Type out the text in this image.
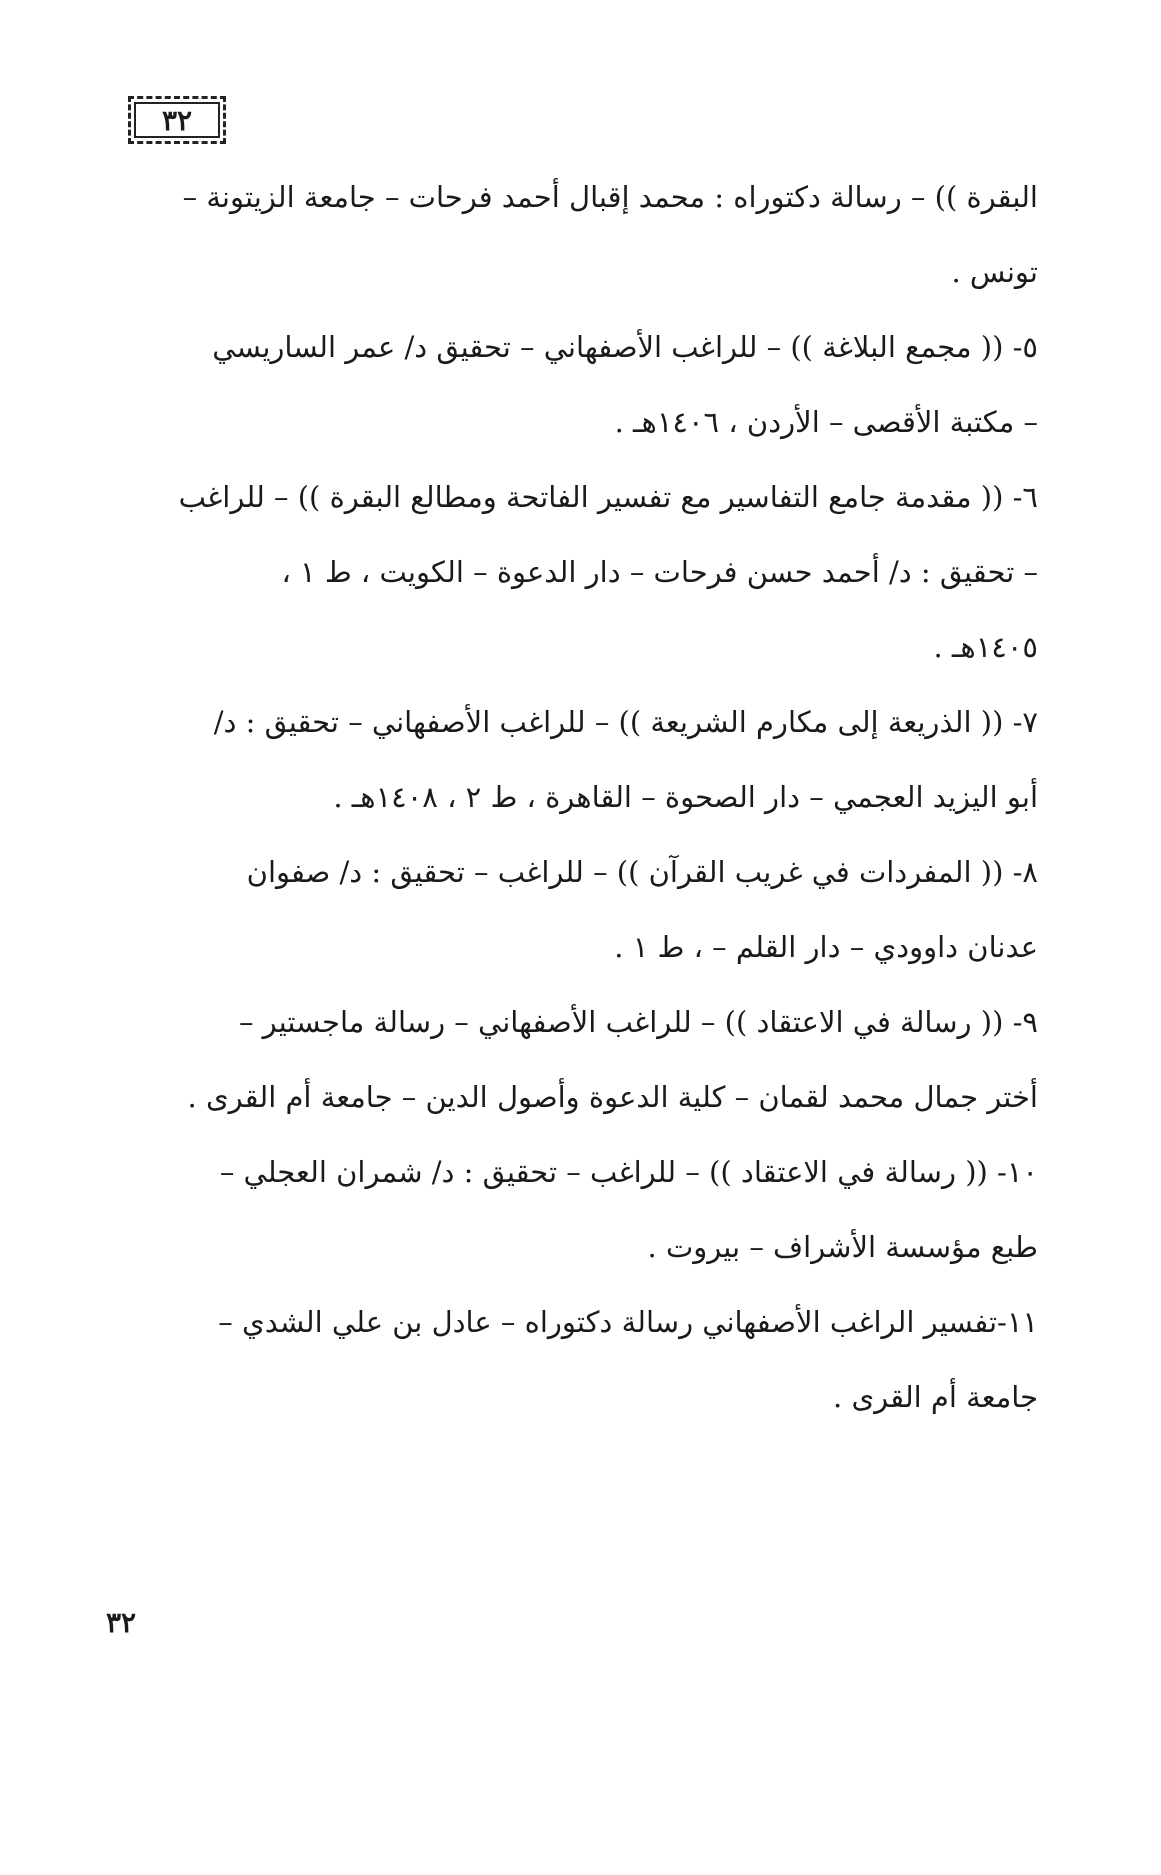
٣٢
البقرة )) – رسالة دكتوراه : محمد إقبال أحمد فرحات – جامعة الزيتونة –
تونس .
٥- (( مجمع البلاغة )) – للراغب الأصفهاني – تحقيق د/ عمر الساريسي
– مكتبة الأقصى – الأردن ، ١٤٠٦هـ .
٦- (( مقدمة جامع التفاسير مع تفسير الفاتحة ومطالع البقرة )) – للراغب
– تحقيق : د/ أحمد حسن فرحات – دار الدعوة – الكويت ، ط ١ ،
١٤٠٥هـ .
٧- (( الذريعة إلى مكارم الشريعة )) – للراغب الأصفهاني – تحقيق : د/
أبو اليزيد العجمي – دار الصحوة – القاهرة ، ط ٢ ، ١٤٠٨هـ .
٨- (( المفردات في غريب القرآن )) – للراغب – تحقيق : د/ صفوان
عدنان داوودي – دار القلم – ، ط ١ .
٩- (( رسالة في الاعتقاد )) – للراغب الأصفهاني – رسالة ماجستير –
أختر جمال محمد لقمان – كلية الدعوة وأصول الدين – جامعة أم القرى .
١٠- (( رسالة في الاعتقاد )) – للراغب – تحقيق : د/ شمران العجلي –
طبع مؤسسة الأشراف – بيروت .
١١-تفسير الراغب الأصفهاني رسالة دكتوراه – عادل بن علي الشدي –
جامعة أم القرى .
٣٢
